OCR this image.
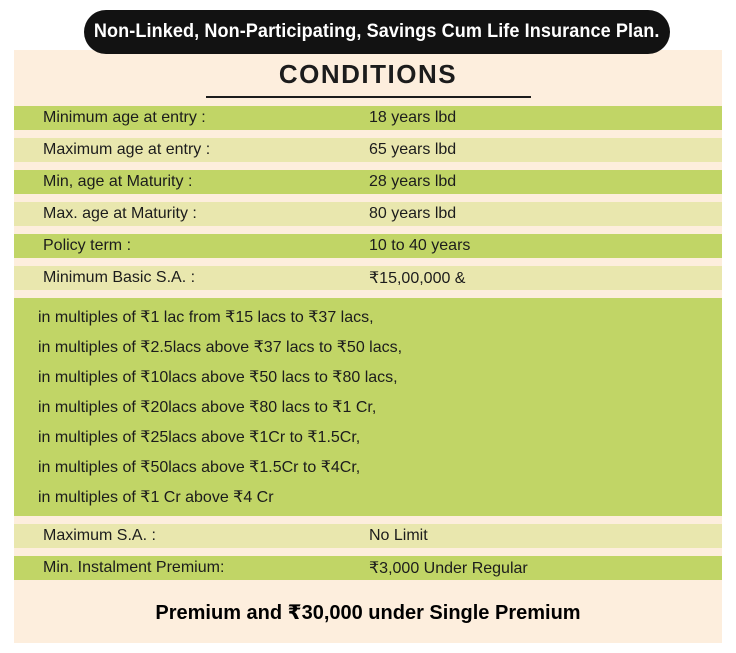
Non-Linked, Non-Participating, Savings Cum Life Insurance Plan.
CONDITIONS
Minimum age at entry :	18 years lbd
Maximum age at entry :	65 years lbd
Min, age at Maturity :	28 years lbd
Max. age at Maturity :	80 years lbd
Policy term :	10 to 40 years
Minimum Basic S.A. :	₹15,00,000 &
in multiples of ₹1 lac from ₹15 lacs to ₹37 lacs,
in multiples of ₹2.5lacs above ₹37 lacs to ₹50 lacs,
in multiples of ₹10lacs above ₹50 lacs to ₹80 lacs,
in multiples of ₹20lacs above ₹80 lacs to ₹1 Cr,
in multiples of ₹25lacs above ₹1Cr to ₹1.5Cr,
in multiples of ₹50lacs above ₹1.5Cr to ₹4Cr,
in multiples of ₹1 Cr above ₹4 Cr
Maximum S.A. :	No Limit
Min. Instalment Premium:	₹3,000 Under Regular
Premium and ₹30,000 under Single Premium
